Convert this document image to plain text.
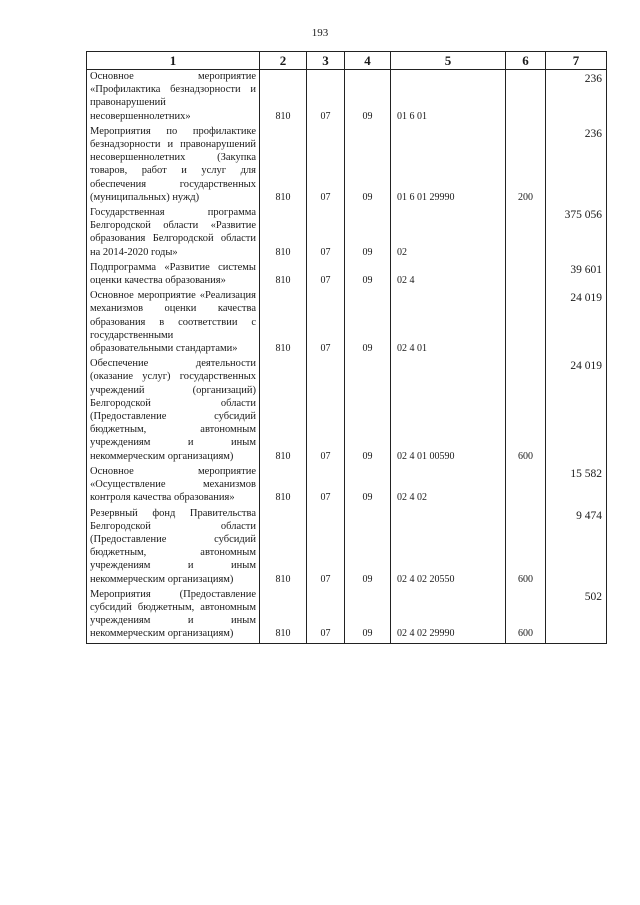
193
1	2	3	4	5	6	7
Основное мероприятие «Профилактика безнадзорности и правонарушений несовершеннолетних»	810	07	09	01 6 01		236
Мероприятия по профилактике безнадзорности и правонарушений несовершеннолетних (Закупка товаров, работ и услуг для обеспечения государственных (муниципальных) нужд)	810	07	09	01 6 01 29990	200	236
Государственная программа Белгородской области «Развитие образования Белгородской области на 2014-2020 годы»	810	07	09	02		375 056
Подпрограмма «Развитие системы оценки качества образования»	810	07	09	02 4		39 601
Основное мероприятие «Реализация механизмов оценки качества образования в соответствии с государственными образовательными стандартами»	810	07	09	02 4 01		24 019
Обеспечение деятельности (оказание услуг) государственных учреждений (организаций) Белгородской области (Предоставление субсидий бюджетным, автономным учреждениям и иным некоммерческим организациям)	810	07	09	02 4 01 00590	600	24 019
Основное мероприятие «Осуществление механизмов контроля качества образования»	810	07	09	02 4 02		15 582
Резервный фонд Правительства Белгородской области (Предоставление субсидий бюджетным, автономным учреждениям и иным некоммерческим организациям)	810	07	09	02 4 02 20550	600	9 474
Мероприятия (Предоставление субсидий бюджетным, автономным учреждениям и иным некоммерческим организациям)	810	07	09	02 4 02 29990	600	502
